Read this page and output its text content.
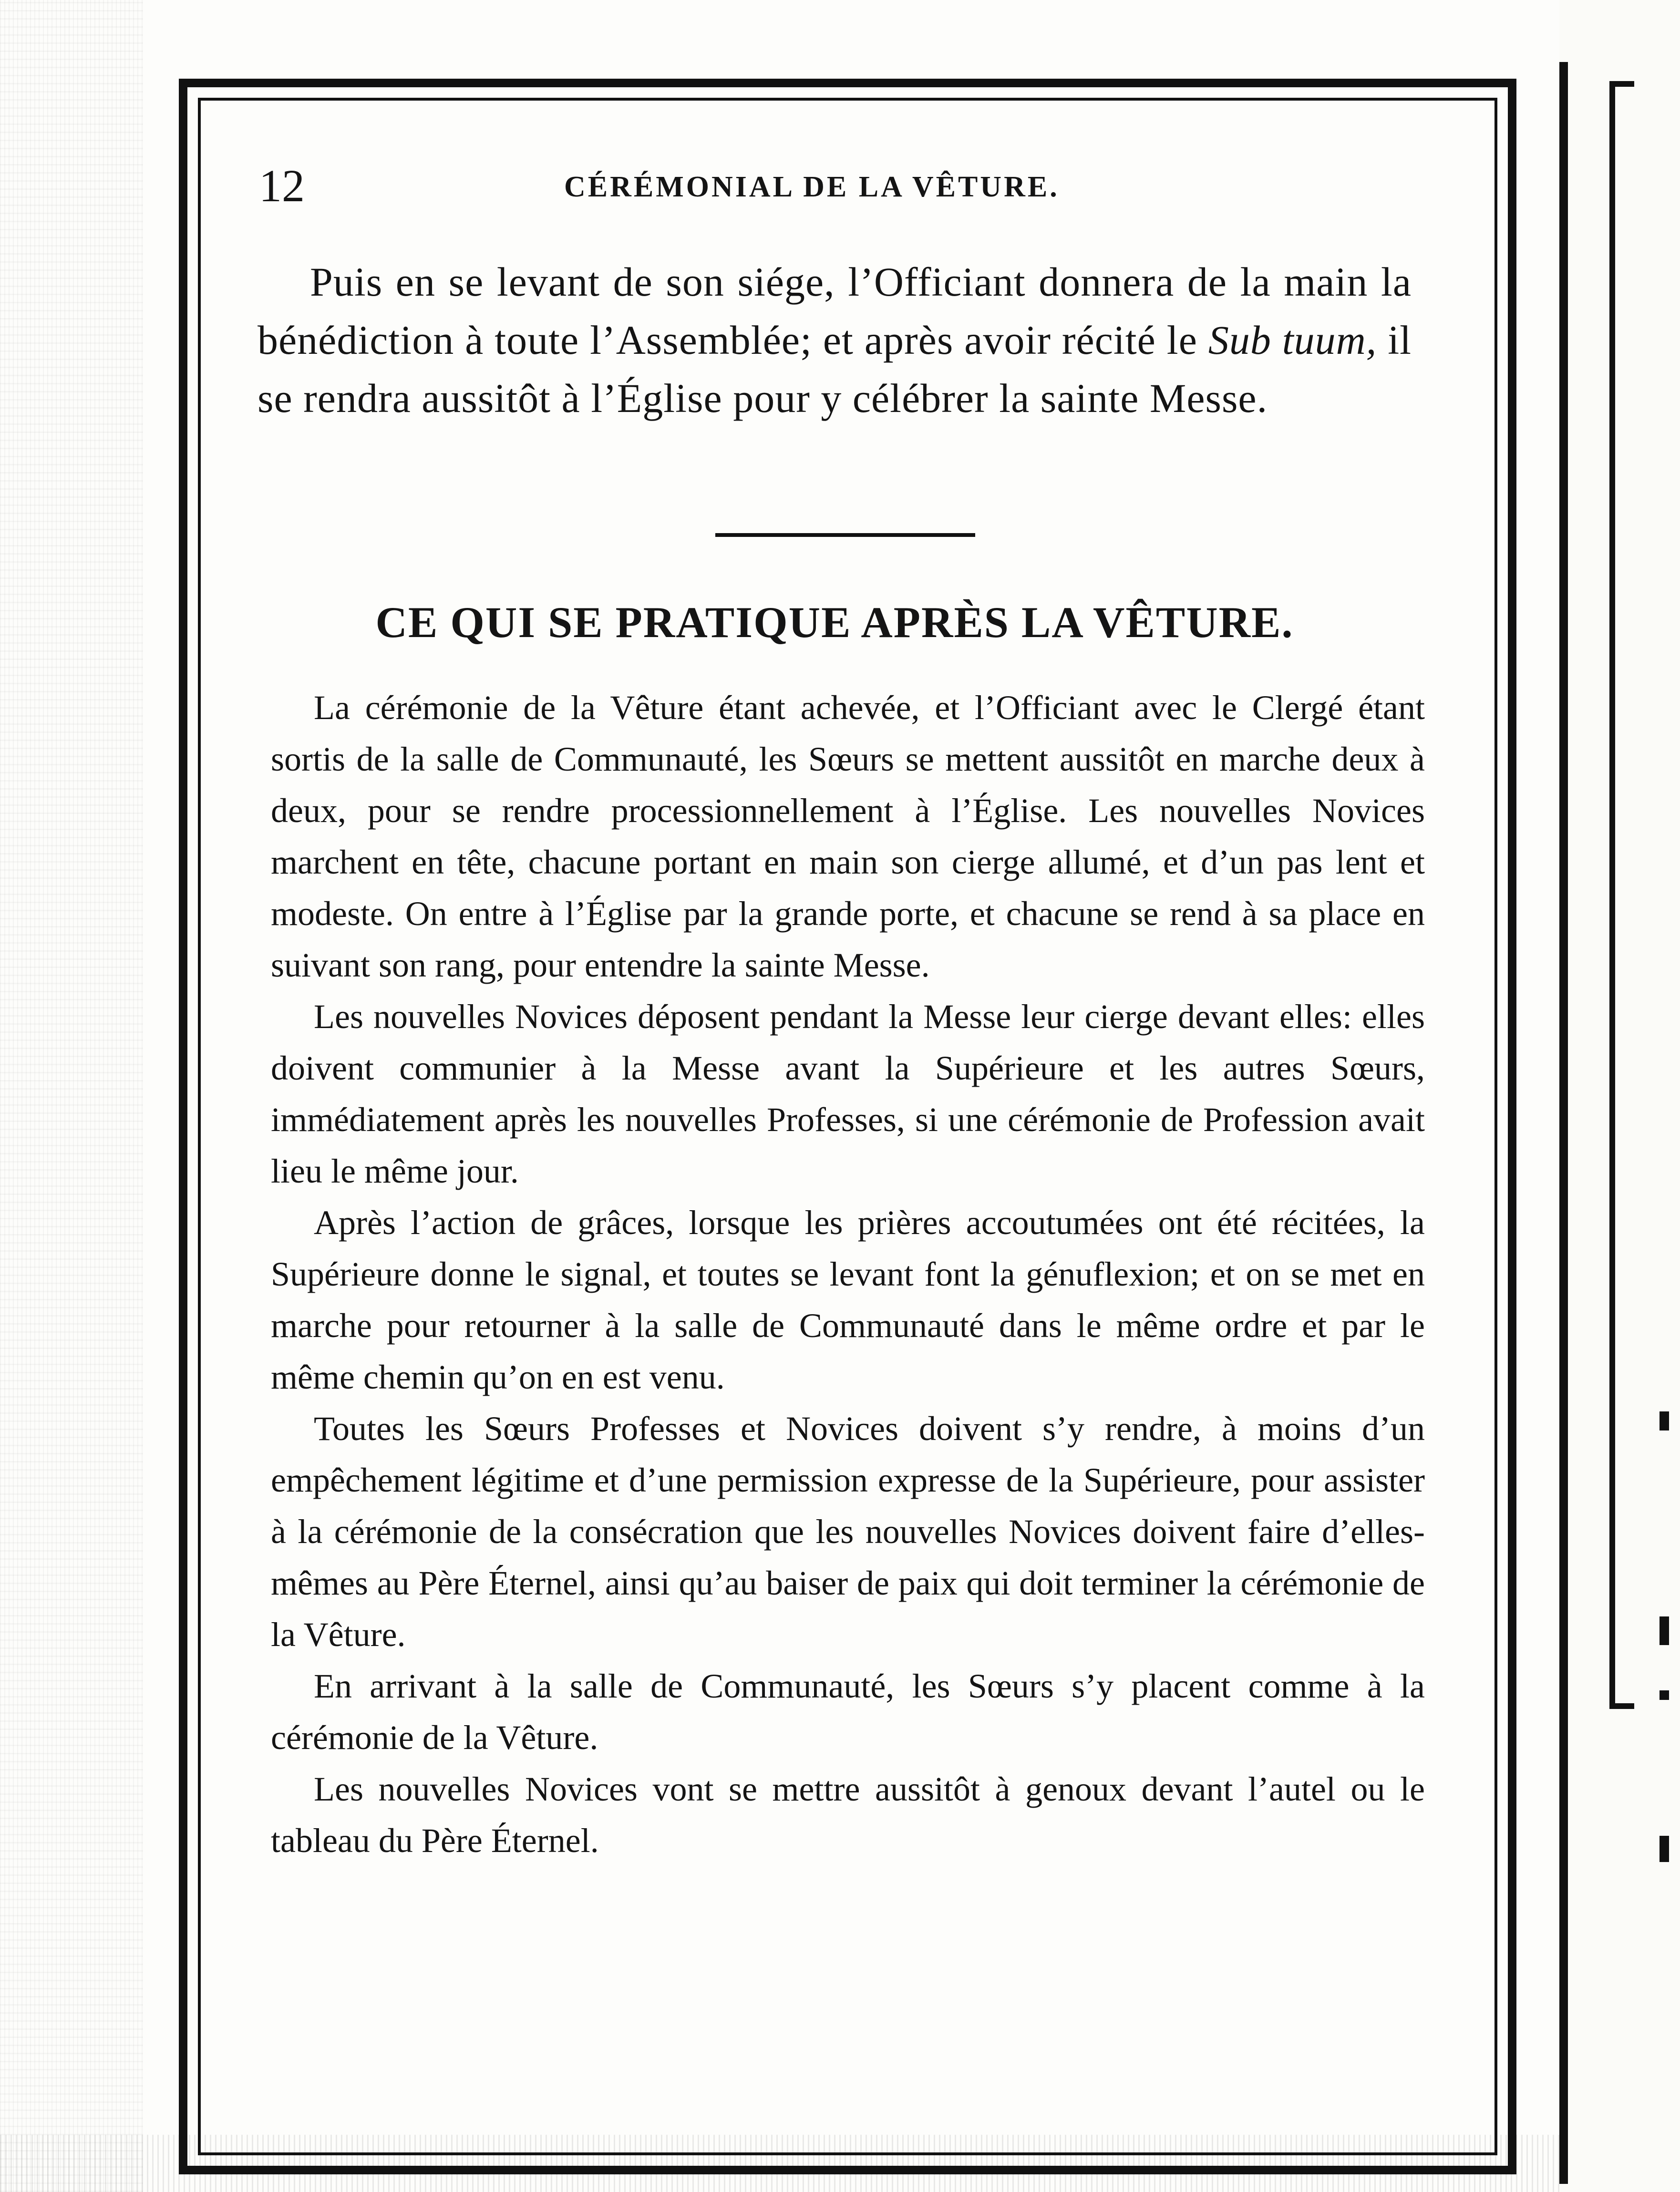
12	CÉRÉMONIAL DE LA VÊTURE.

Puis en se levant de son siége, l’Officiant donnera de la main la bénédiction à toute l’Assemblée; et après avoir récité le Sub tuum, il se rendra aussitôt à l’Église pour y célébrer la sainte Messe.

CE QUI SE PRATIQUE APRÈS LA VÊTURE.

La cérémonie de la Vêture étant achevée, et l’Officiant avec le Clergé étant sortis de la salle de Communauté, les Sœurs se mettent aussitôt en marche deux à deux, pour se rendre processionnellement à l’Église. Les nouvelles Novices marchent en tête, chacune portant en main son cierge allumé, et d’un pas lent et modeste. On entre à l’Église par la grande porte, et chacune se rend à sa place en suivant son rang, pour entendre la sainte Messe.

Les nouvelles Novices déposent pendant la Messe leur cierge devant elles: elles doivent communier à la Messe avant la Supérieure et les autres Sœurs, immédiatement après les nouvelles Professes, si une cérémonie de Profession avait lieu le même jour.

Après l’action de grâces, lorsque les prières accoutumées ont été récitées, la Supérieure donne le signal, et toutes se levant font la génuflexion; et on se met en marche pour retourner à la salle de Communauté dans le même ordre et par le même chemin qu’on en est venu.

Toutes les Sœurs Professes et Novices doivent s’y rendre, à moins d’un empêchement légitime et d’une permission expresse de la Supérieure, pour assister à la cérémonie de la consécration que les nouvelles Novices doivent faire d’elles-mêmes au Père Éternel, ainsi qu’au baiser de paix qui doit terminer la cérémonie de la Vêture.

En arrivant à la salle de Communauté, les Sœurs s’y placent comme à la cérémonie de la Vêture.

Les nouvelles Novices vont se mettre aussitôt à genoux devant l’autel ou le tableau du Père Éternel.
